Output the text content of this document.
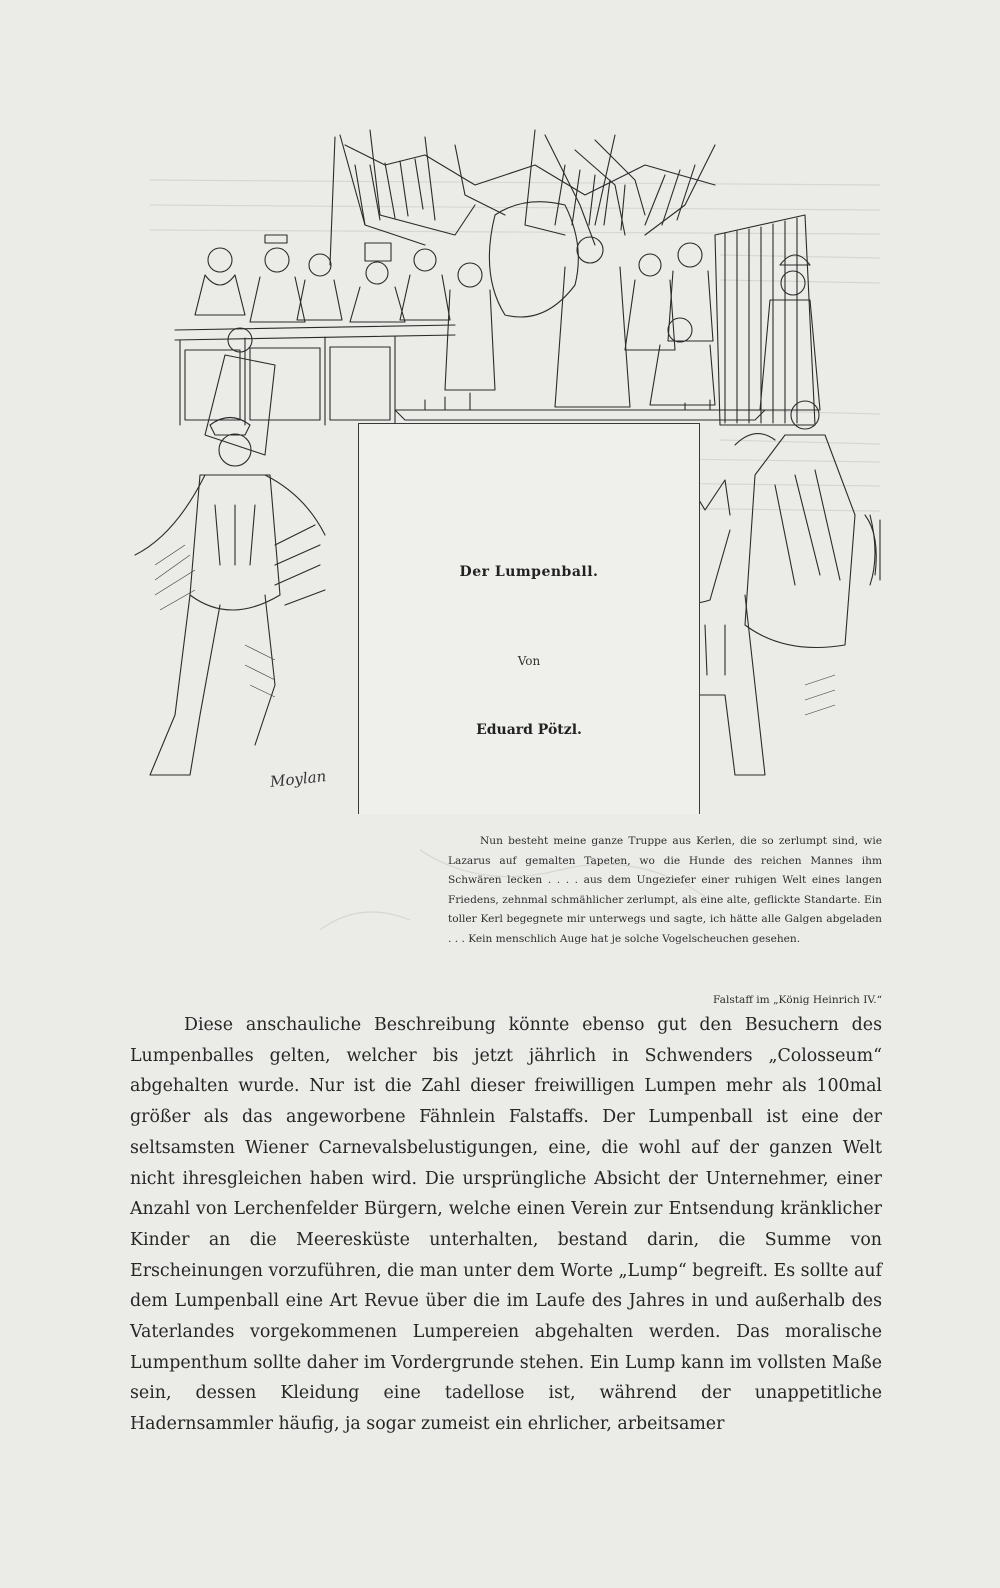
Der Lumpenball.
Von
Eduard Pötzl.
Moylan

Nun besteht meine ganze Truppe aus Kerlen, die so zerlumpt sind, wie Lazarus auf gemalten Tapeten, wo die Hunde des reichen Mannes ihm Schwären lecken . . . . aus dem Ungeziefer einer ruhigen Welt eines langen Friedens, zehnmal schmählicher zerlumpt, als eine alte, geflickte Standarte. Ein toller Kerl begegnete mir unterwegs und sagte, ich hätte alle Galgen abgeladen . . . Kein menschlich Auge hat je solche Vogelscheuchen gesehen.

Falstaff im „König Heinrich IV.“

Diese anschauliche Beschreibung könnte ebenso gut den Besuchern des Lumpenballes gelten, welcher bis jetzt jährlich in Schwenders „Colosseum“ abgehalten wurde. Nur ist die Zahl dieser freiwilligen Lumpen mehr als 100mal größer als das angeworbene Fähnlein Falstaffs. Der Lumpenball ist eine der seltsamsten Wiener Carnevalsbelustigungen, eine, die wohl auf der ganzen Welt nicht ihresgleichen haben wird. Die ursprüngliche Absicht der Unternehmer, einer Anzahl von Lerchenfelder Bürgern, welche einen Verein zur Entsendung kränklicher Kinder an die Meeresküste unterhalten, bestand darin, die Summe von Erscheinungen vorzuführen, die man unter dem Worte „Lump“ begreift. Es sollte auf dem Lumpenball eine Art Revue über die im Laufe des Jahres in und außerhalb des Vaterlandes vorgekommenen Lumpereien abgehalten werden. Das moralische Lumpenthum sollte daher im Vordergrunde stehen. Ein Lump kann im vollsten Maße sein, dessen Kleidung eine tadellose ist, während der unappetitliche Hadernsammler häufig, ja sogar zumeist ein ehrlicher, arbeitsamer
